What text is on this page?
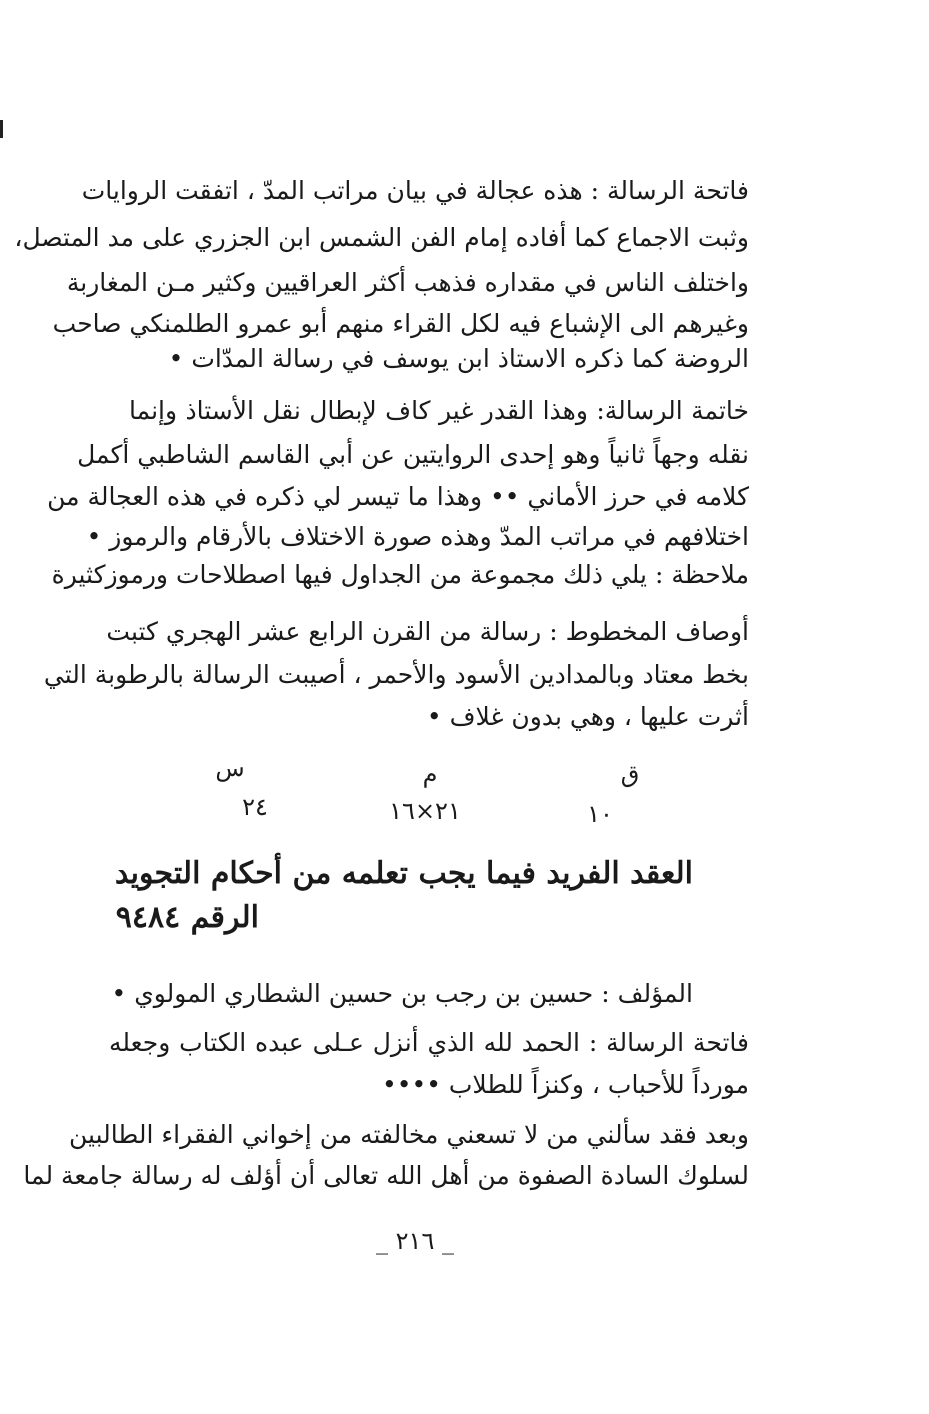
فاتحة الرسالة : هذه عجالة في بيان مراتب المدّ ، اتفقت الروايات
وثبت الاجماع كما أفاده إمام الفن الشمس ابن الجزري على مد المتصل،
واختلف الناس في مقداره فذهب أكثر العراقيين وكثير مـن المغاربة
وغيرهم الى الإشباع فيه لكل القراء منهم أبو عمرو الطلمنكي صاحب
الروضة كما ذكره الاستاذ ابن يوسف في رسالة المدّات •
خاتمة الرسالة: وهذا القدر غير كاف لإبطال نقل الأستاذ وإنما
نقله وجهاً ثانياً وهو إحدى الروايتين عن أبي القاسم الشاطبي أكمل
كلامه في حرز الأماني •• وهذا ما تيسر لي ذكره في هذه العجالة من
اختلافهم في مراتب المدّ وهذه صورة الاختلاف بالأرقام والرموز •
ملاحظة : يلي ذلك مجموعة من الجداول فيها اصطلاحات ورموزكثيرة
أوصاف المخطوط : رسالة من القرن الرابع عشر الهجري كتبت
بخط معتاد وبالمدادين الأسود والأحمر ، أصيبت الرسالة بالرطوبة التي
أثرت عليها ، وهي بدون غلاف •
ق
م
س
١٠
٢١×١٦
٢٤
العقد الفريد فيما يجب تعلمه من أحكام التجويد
الرقم ٩٤٨٤
المؤلف : حسين بن رجب بن حسين الشطاري المولوي •
فاتحة الرسالة : الحمد لله الذي أنزل عـلى عبده الكتاب وجعله
مورداً للأحباب ، وكنزاً للطلاب ••••
وبعد فقد سألني من لا تسعني مخالفته من إخواني الفقراء الطالبين
لسلوك السادة الصفوة من أهل الله تعالى أن أؤلف له رسالة جامعة لما
_ ٢١٦ _
